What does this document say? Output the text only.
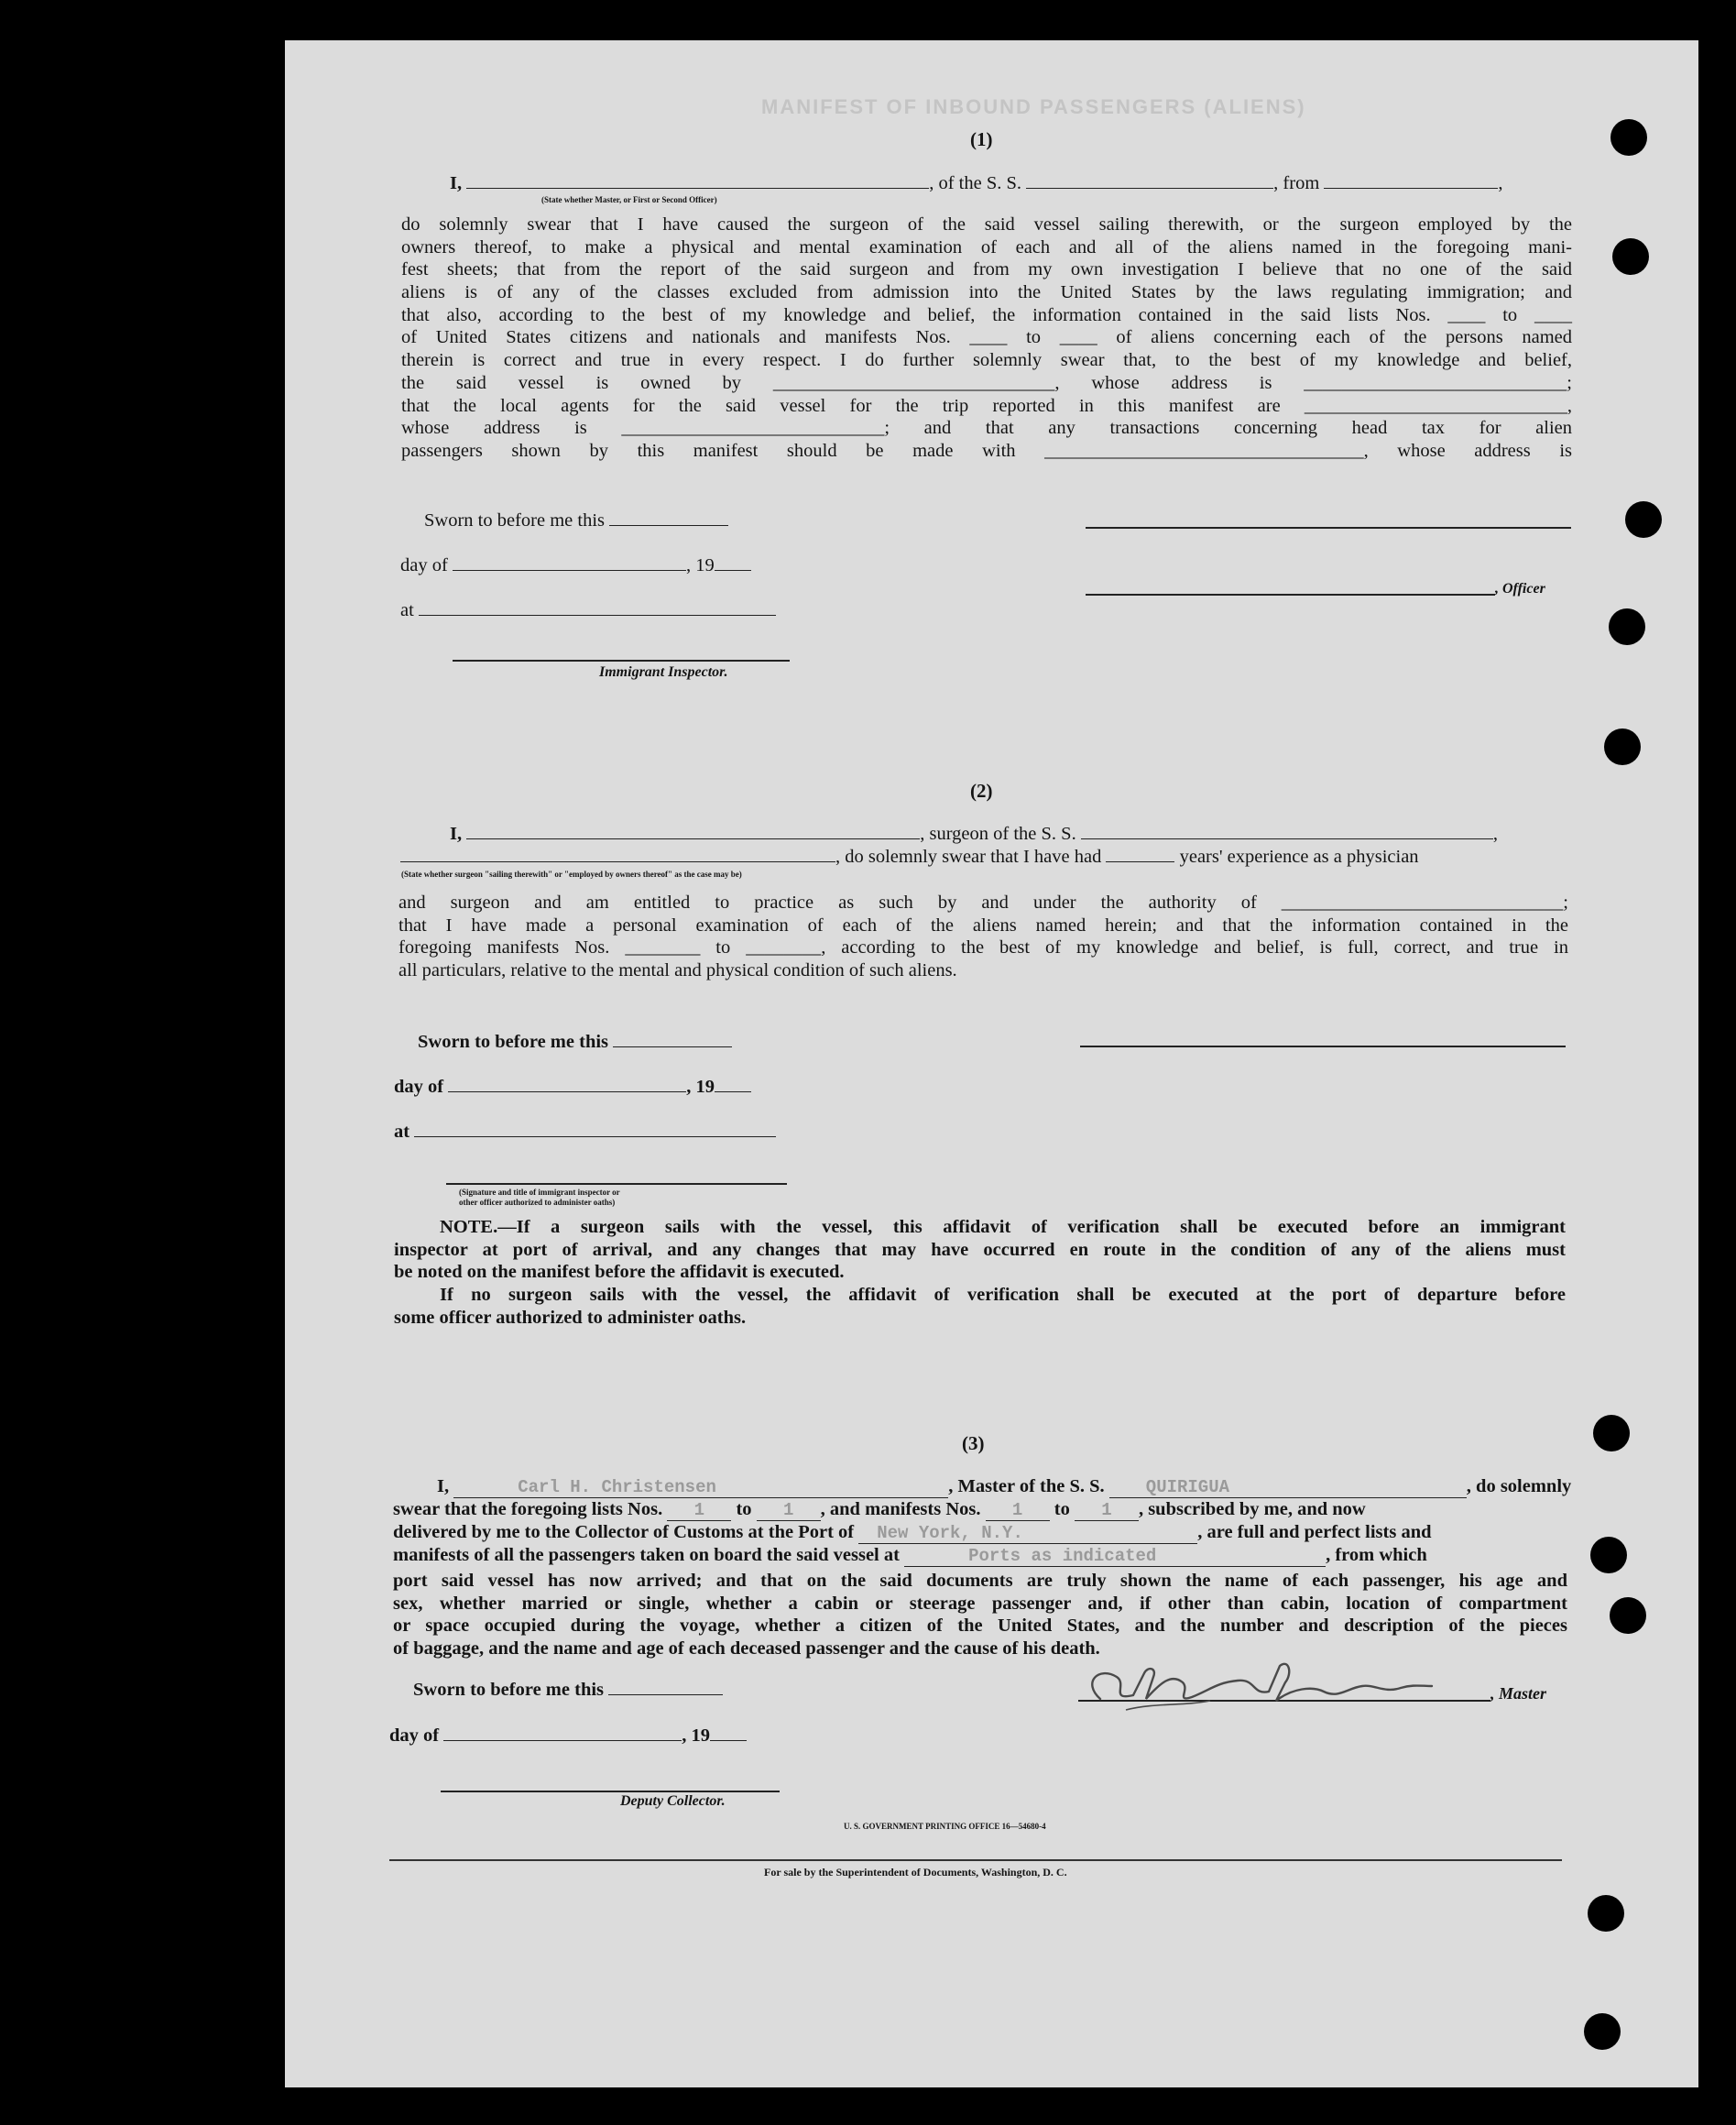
MANIFEST OF INBOUND PASSENGERS (ALIENS)
(1)
I,	, of the S. S.	, from	,
(State whether Master, or First or Second Officer)
do solemnly swear that I have caused the surgeon of the said vessel sailing therewith, or the surgeon employed by the
owners thereof, to make a physical and mental examination of each and all of the aliens named in the foregoing mani-
fest sheets; that from the report of the said surgeon and from my own investigation I believe that no one of the said
aliens is of any of the classes excluded from admission into the United States by the laws regulating immigration; and
that also, according to the best of my knowledge and belief, the information contained in the said lists Nos. ____ to ____
of United States citizens and nationals and manifests Nos. ____ to ____ of aliens concerning each of the persons named
therein is correct and true in every respect. I do further solemnly swear that, to the best of my knowledge and belief,
the said vessel is owned by ______________________________, whose address is ____________________________;
that the local agents for the said vessel for the trip reported in this manifest are ____________________________,
whose address is ____________________________; and that any transactions concerning head tax for alien
passengers shown by this manifest should be made with __________________________________, whose address is
Sworn to before me this
day of	, 19
at
Immigrant Inspector.
, Officer
(2)
I,	, surgeon of the S. S.	,
, do solemnly swear that I have had	years' experience as a physician
(State whether surgeon "sailing therewith" or "employed by owners thereof" as the case may be)
and surgeon and am entitled to practice as such by and under the authority of ______________________________;
that I have made a personal examination of each of the aliens named herein; and that the information contained in the
foregoing manifests Nos. ________ to ________, according to the best of my knowledge and belief, is full, correct, and true in
all particulars, relative to the mental and physical condition of such aliens.
Sworn to before me this
day of	, 19
at
(Signature and title of immigrant inspector or
other officer authorized to administer oaths)
NOTE.—If a surgeon sails with the vessel, this affidavit of verification shall be executed before an immigrant
inspector at port of arrival, and any changes that may have occurred en route in the condition of any of the aliens must
be noted on the manifest before the affidavit is executed.
If no surgeon sails with the vessel, the affidavit of verification shall be executed at the port of departure before
some officer authorized to administer oaths.
(3)
I,	Carl H. Christensen	, Master of the S. S. QUIRIGUA	, do solemnly
swear that the foregoing lists Nos. 1 to 1 , and manifests Nos. 1 to 1 , subscribed by me, and now
delivered by me to the Collector of Customs at the Port of New York, N.Y.	, are full and perfect lists and
manifests of all the passengers taken on board the said vessel at	Ports as indicated	, from which
port said vessel has now arrived; and that on the said documents are truly shown the name of each passenger, his age and
sex, whether married or single, whether a cabin or steerage passenger and, if other than cabin, location of compartment
or space occupied during the voyage, whether a citizen of the United States, and the number and description of the pieces
of baggage, and the name and age of each deceased passenger and the cause of his death.
Sworn to before me this
day of	, 19
Deputy Collector.
, Master
U. S. GOVERNMENT PRINTING OFFICE 16—54680-4
For sale by the Superintendent of Documents, Washington, D. C.
